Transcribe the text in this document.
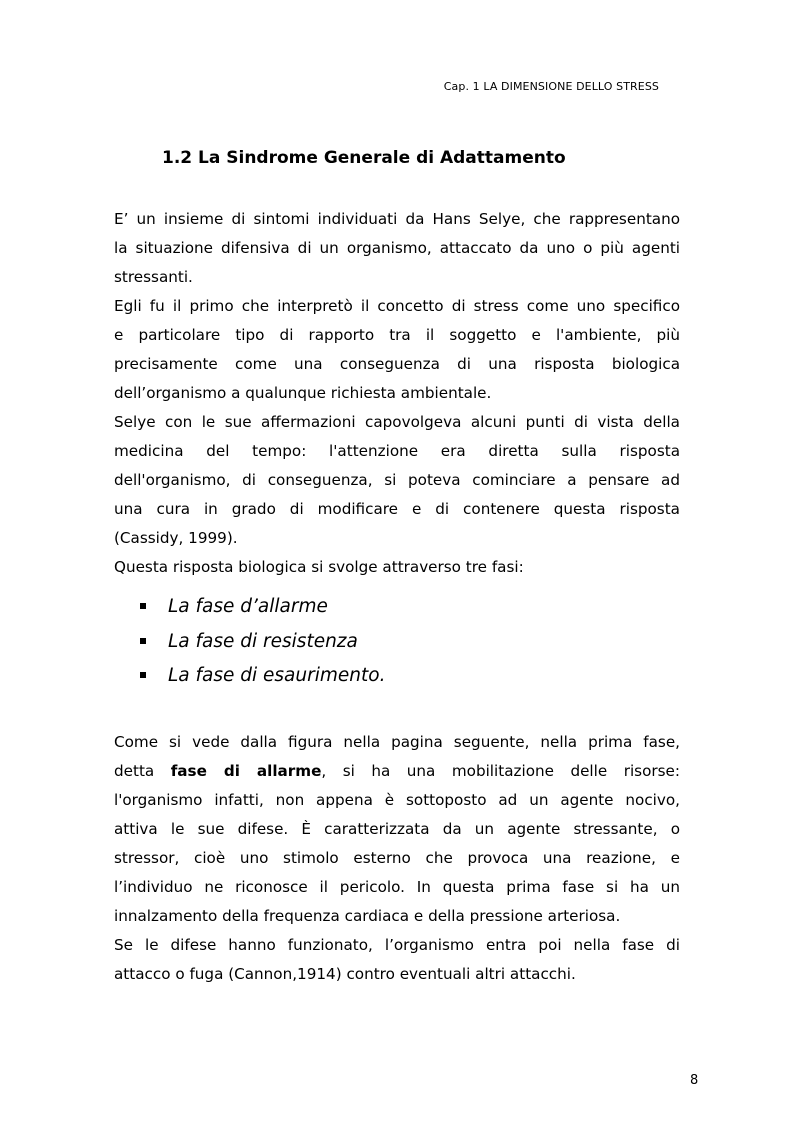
Cap. 1 LA DIMENSIONE DELLO STRESS
1.2 La Sindrome Generale di Adattamento

E’ un insieme di sintomi individuati da Hans Selye, che rappresentano

la situazione difensiva di un organismo, attaccato da uno o più agenti

stressanti.

Egli fu il primo che interpretò il concetto di stress come uno specifico

e particolare tipo di rapporto tra il soggetto e l'ambiente, più

precisamente come una conseguenza di una risposta biologica

dell’organismo a qualunque richiesta ambientale.

Selye con le sue affermazioni capovolgeva alcuni punti di vista della

medicina del tempo: l'attenzione era diretta sulla risposta

dell'organismo, di conseguenza, si poteva cominciare a pensare ad

una cura in grado di modificare e di contenere questa risposta

(Cassidy, 1999).

Questa risposta biologica si svolge attraverso tre fasi:

La fase d’allarme
La fase di resistenza
La fase di esaurimento.

Come si vede dalla figura nella pagina seguente, nella prima fase,

detta fase di allarme, si ha una mobilitazione delle risorse:

l'organismo infatti, non appena è sottoposto ad un agente nocivo,

attiva le sue difese. È caratterizzata da un agente stressante, o

stressor, cioè uno stimolo esterno che provoca una reazione, e

l’individuo ne riconosce il pericolo. In questa prima fase si ha un

innalzamento della frequenza cardiaca e della pressione arteriosa.

Se le difese hanno funzionato, l’organismo entra poi nella fase di

attacco o fuga (Cannon,1914) contro eventuali altri attacchi.

8
